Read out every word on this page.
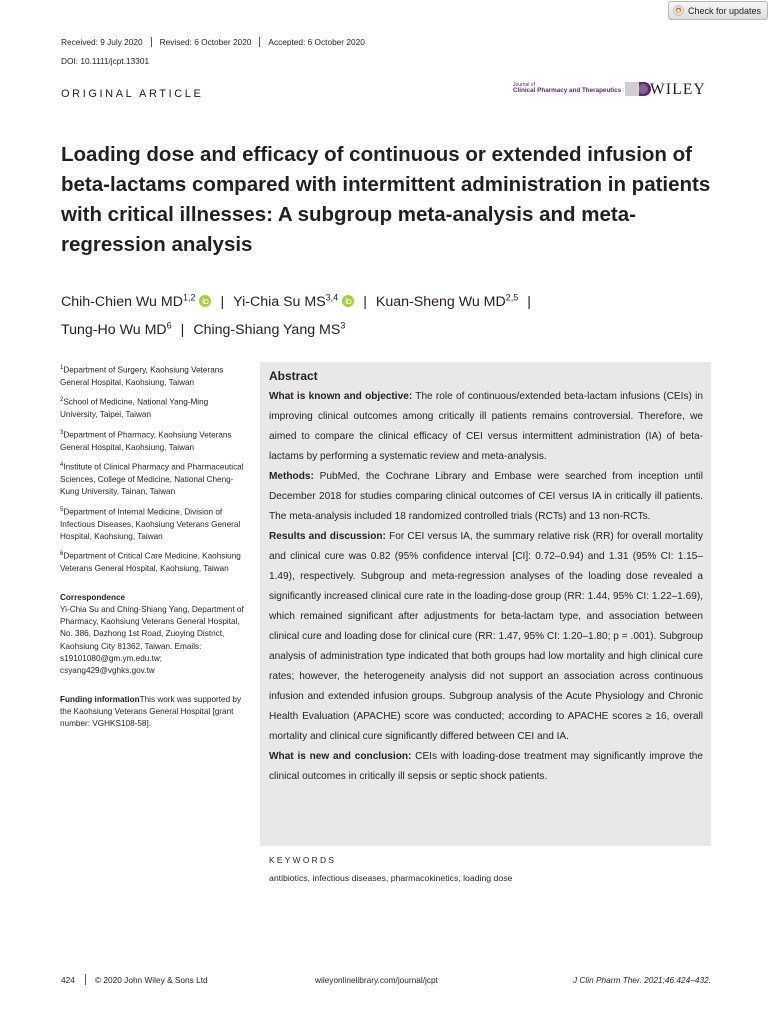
Check for updates
Received: 9 July 2020 Revised: 6 October 2020 Accepted: 6 October 2020
DOI: 10.1111/jcpt.13301
ORIGINAL ARTICLE
Journal of
Clinical Pharmacy and Therapeutics WILEY
Loading dose and efficacy of continuous or extended infusion of beta-lactams compared with intermittent administration in patients with critical illnesses: A subgroup meta-analysis and meta-regression analysis
Chih-Chien Wu MD$^{1,2}$ | Yi-Chia Su MS$^{3,4}$ | Kuan-Sheng Wu MD$^{2,5}$ |
Tung-Ho Wu $MD^6$ | Ching-Shiang Yang $MS^3$
$^1$Department of Surgery, Kaohsiung Veterans General Hospital, Kaohsiung, Taiwan
$^2$School of Medicine, National Yang-Ming University, Taipei, Taiwan
$^3$Department of Pharmacy, Kaohsiung Veterans General Hospital, Kaohsiung, Taiwan
$^4$Institute of Clinical Pharmacy and Pharmaceutical Sciences, College of Medicine, National Cheng-Kung University, Tainan, Taiwan
$^5$Department of Internal Medicine, Division of Infectious Diseases, Kaohsiung Veterans General Hospital, Kaohsiung, Taiwan
$^6$Department of Critical Care Medicine, Kaohsiung Veterans General Hospital, Kaohsiung, Taiwan
Correspondence
Yi-Chia Su and Ching-Shiang Yang, Department of Pharmacy, Kaohsiung Veterans General Hospital, No. 386, Dazhong 1st Road, Zuoying District, Kaohsiung City 81362, Taiwan. Emails: s19101080@gm.ym.edu.tw; csyang429@vghks.gov.tw
Funding informationThis work was supported by the Kaohsiung Veterans General Hospital [grant number: VGHKS108-58].
Abstract

What is known and objective: The role of continuous/extended beta-lactam infusions (CEIs) in improving clinical outcomes among critically ill patients remains controversial. Therefore, we aimed to compare the clinical efficacy of CEI versus intermittent administration (IA) of beta-lactams by performing a systematic review and meta-analysis.

Methods: PubMed, the Cochrane Library and Embase were searched from inception until December 2018 for studies comparing clinical outcomes of CEI versus IA in critically ill patients. The meta-analysis included 18 randomized controlled trials (RCTs) and 13 non-RCTs.

Results and discussion: For CEI versus IA, the summary relative risk (RR) for overall mortality and clinical cure was 0.82 (95% confidence interval [CI]: 0.72–0.94) and 1.31 (95% CI: 1.15–1.49), respectively. Subgroup and meta-regression analyses of the loading dose revealed a significantly increased clinical cure rate in the loading-dose group (RR: 1.44, 95% CI: 1.22–1.69), which remained significant after adjustments for beta-lactam type, and association between clinical cure and loading dose for clinical cure (RR: 1.47, 95% CI: 1.20–1.80; p = .001). Subgroup analysis of administration type indicated that both groups had low mortality and high clinical cure rates; however, the heterogeneity analysis did not support an association across continuous infusion and extended infusion groups. Subgroup analysis of the Acute Physiology and Chronic Health Evaluation (APACHE) score was conducted; according to APACHE scores ≥ 16, overall mortality and clinical cure significantly differed between CEI and IA.

What is new and conclusion: CEIs with loading-dose treatment may significantly improve the clinical outcomes in critically ill sepsis or septic shock patients.

KEYWORDS
antibiotics, infectious diseases, pharmacokinetics, loading dose
424 © 2020 John Wiley & Sons Ltd	wileyonlinelibrary.com/journal/jcpt	J Clin Pharm Ther. 2021;46:424–432.
